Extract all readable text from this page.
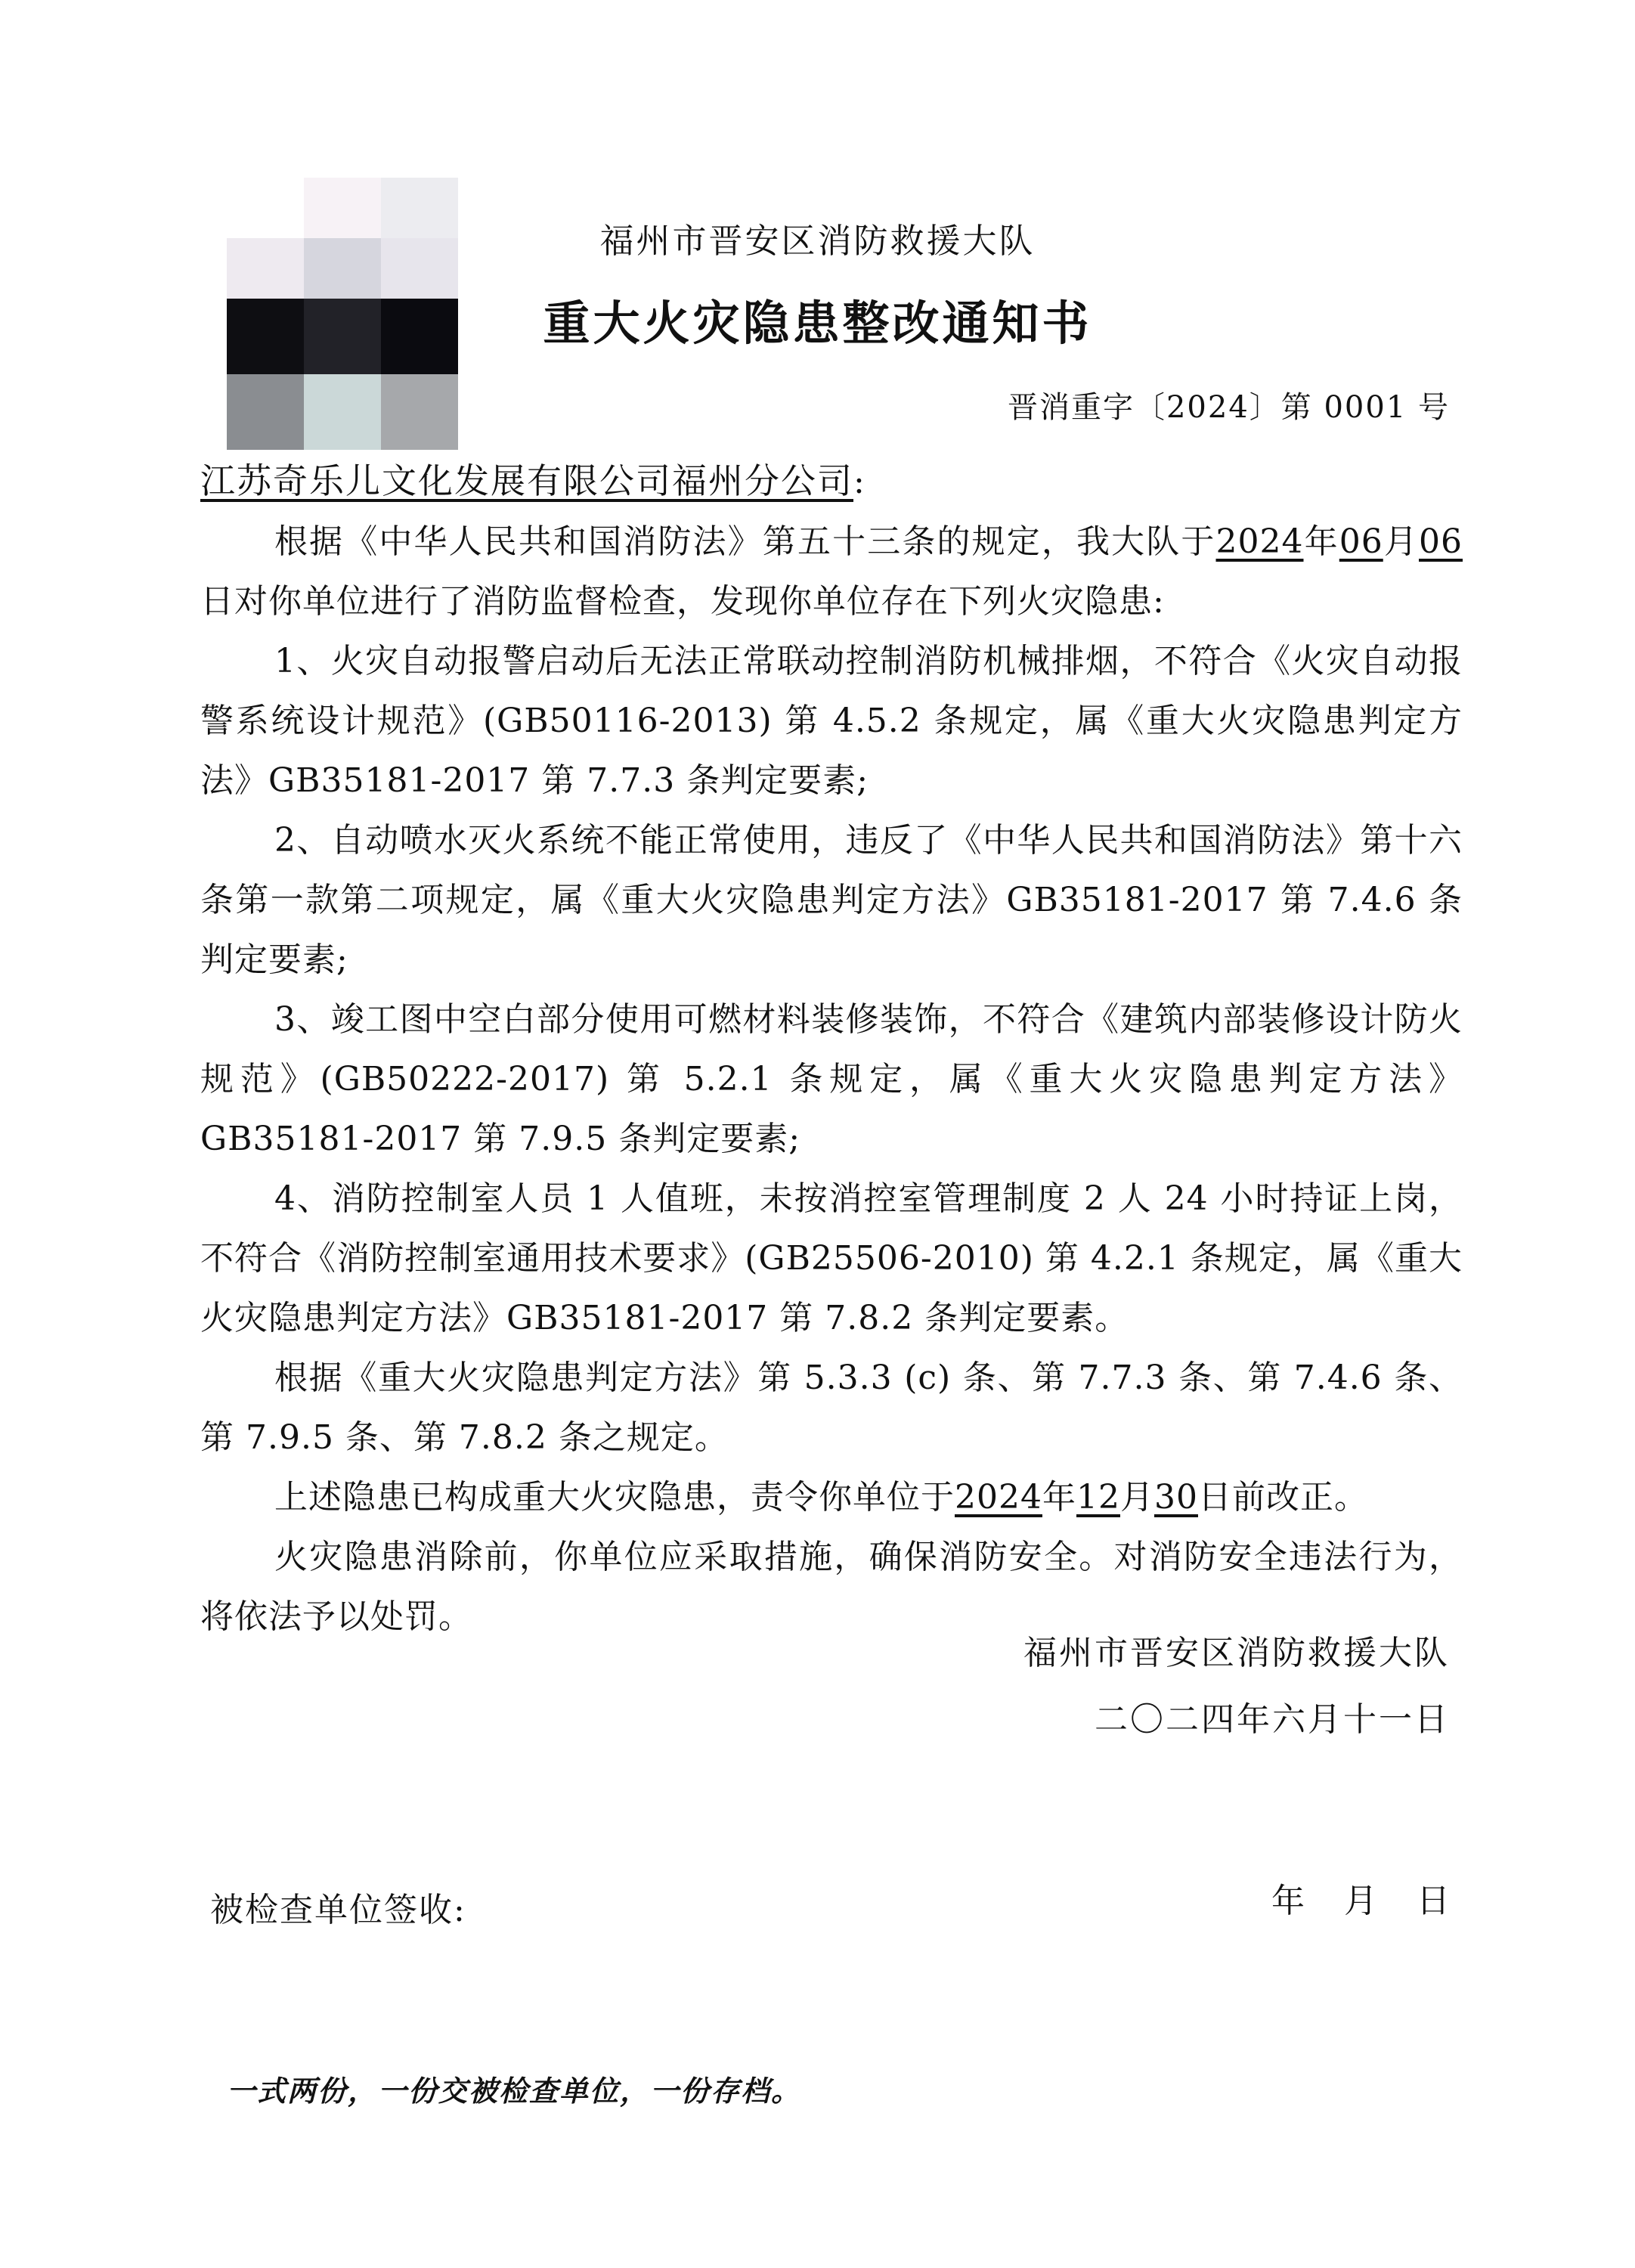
福州市晋安区消防救援大队
重大火灾隐患整改通知书
晋消重字〔2024〕第 0001 号

江苏奇乐儿文化发展有限公司福州分公司:

根据《中华人民共和国消防法》第五十三条的规定，我大队于2024年06月06日对你单位进行了消防监督检查，发现你单位存在下列火灾隐患:

1、火灾自动报警启动后无法正常联动控制消防机械排烟，不符合《火灾自动报警系统设计规范》(GB50116-2013) 第 4.5.2 条规定，属《重大火灾隐患判定方法》GB35181-2017 第 7.7.3 条判定要素;

2、自动喷水灭火系统不能正常使用，违反了《中华人民共和国消防法》第十六条第一款第二项规定，属《重大火灾隐患判定方法》GB35181-2017 第 7.4.6 条判定要素;

3、竣工图中空白部分使用可燃材料装修装饰，不符合《建筑内部装修设计防火规范》(GB50222-2017) 第 5.2.1 条规定，属《重大火灾隐患判定方法》GB35181-2017 第 7.9.5 条判定要素;

4、消防控制室人员 1 人值班，未按消控室管理制度 2 人 24 小时持证上岗，不符合《消防控制室通用技术要求》(GB25506-2010) 第 4.2.1 条规定，属《重大火灾隐患判定方法》GB35181-2017 第 7.8.2 条判定要素。

根据《重大火灾隐患判定方法》第 5.3.3 (c) 条、第 7.7.3 条、第 7.4.6 条、第 7.9.5 条、第 7.8.2 条之规定。

上述隐患已构成重大火灾隐患，责令你单位于2024年12月30日前改正。

火灾隐患消除前，你单位应采取措施，确保消防安全。对消防安全违法行为，将依法予以处罚。

福州市晋安区消防救援大队
二〇二四年六月十一日
被检查单位签收:	年 月 日
一式两份，一份交被检查单位，一份存档。
